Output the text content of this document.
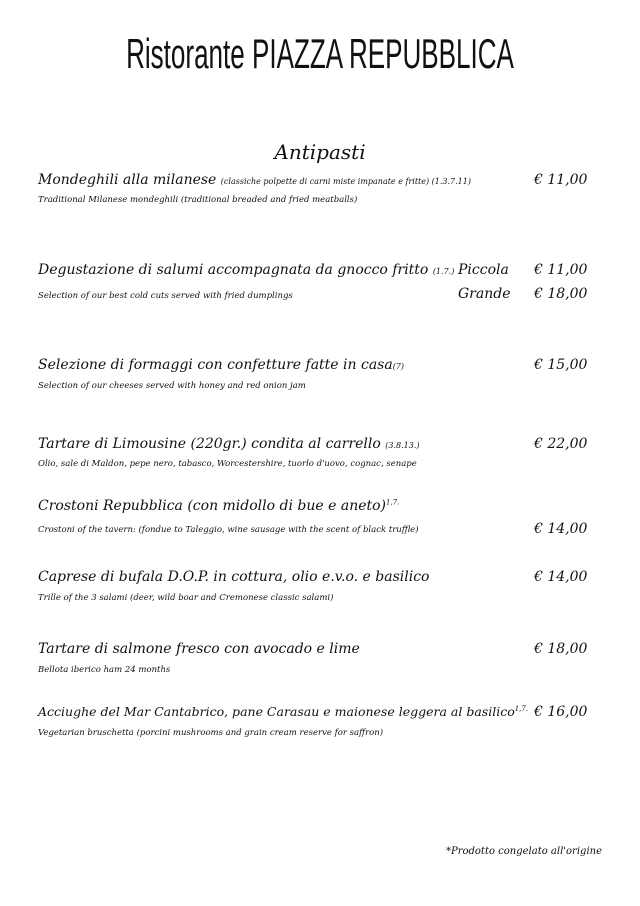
Ristorante PIAZZA REPUBBLICA
Antipasti
Mondeghili alla milanese (classiche polpette di carni miste impanate e fritte) (1.3.7.11)
Traditional Milanese mondeghili (traditional breaded and fried meatballs)
€ 11,00
Degustazione di salumi accompagnata da gnocco fritto (1.7.)
Selection of our best cold cuts served with fried dumplings
Piccola € 11,00
Grande € 18,00
Selezione di formaggi con confetture fatte in casa(7)
Selection of our cheeses served with honey and red onion jam
€ 15,00
Tartare di Limousine (220gr.) condita al carrello (3.8.13.)
Olio, sale di Maldon, pepe nero, tabasco, Worcestershire, tuorlo d'uovo, cognac, senape
€ 22,00
Crostoni Repubblica (con midollo di bue e aneto)$^{1,7.}$
Crostoni of the tavern: (fondue to Taleggio, wine sausage with the scent of black truffle)	€ 14,00
Caprese di bufala D.O.P. in cottura, olio e.v.o. e basilico
Trille of the 3 salami (deer, wild boar and Cremonese classic salami)
€ 14,00
Tartare di salmone fresco con avocado e lime
Bellota iberico ham 24 months
€ 18,00
Acciughe del Mar Cantabrico, pane Carasau e maionese leggera al basilico$^{1,7.}$
Vegetarian bruschetta (porcini mushrooms and grain cream reserve for saffron)
€ 16,00
*Prodotto congelato all'origine
